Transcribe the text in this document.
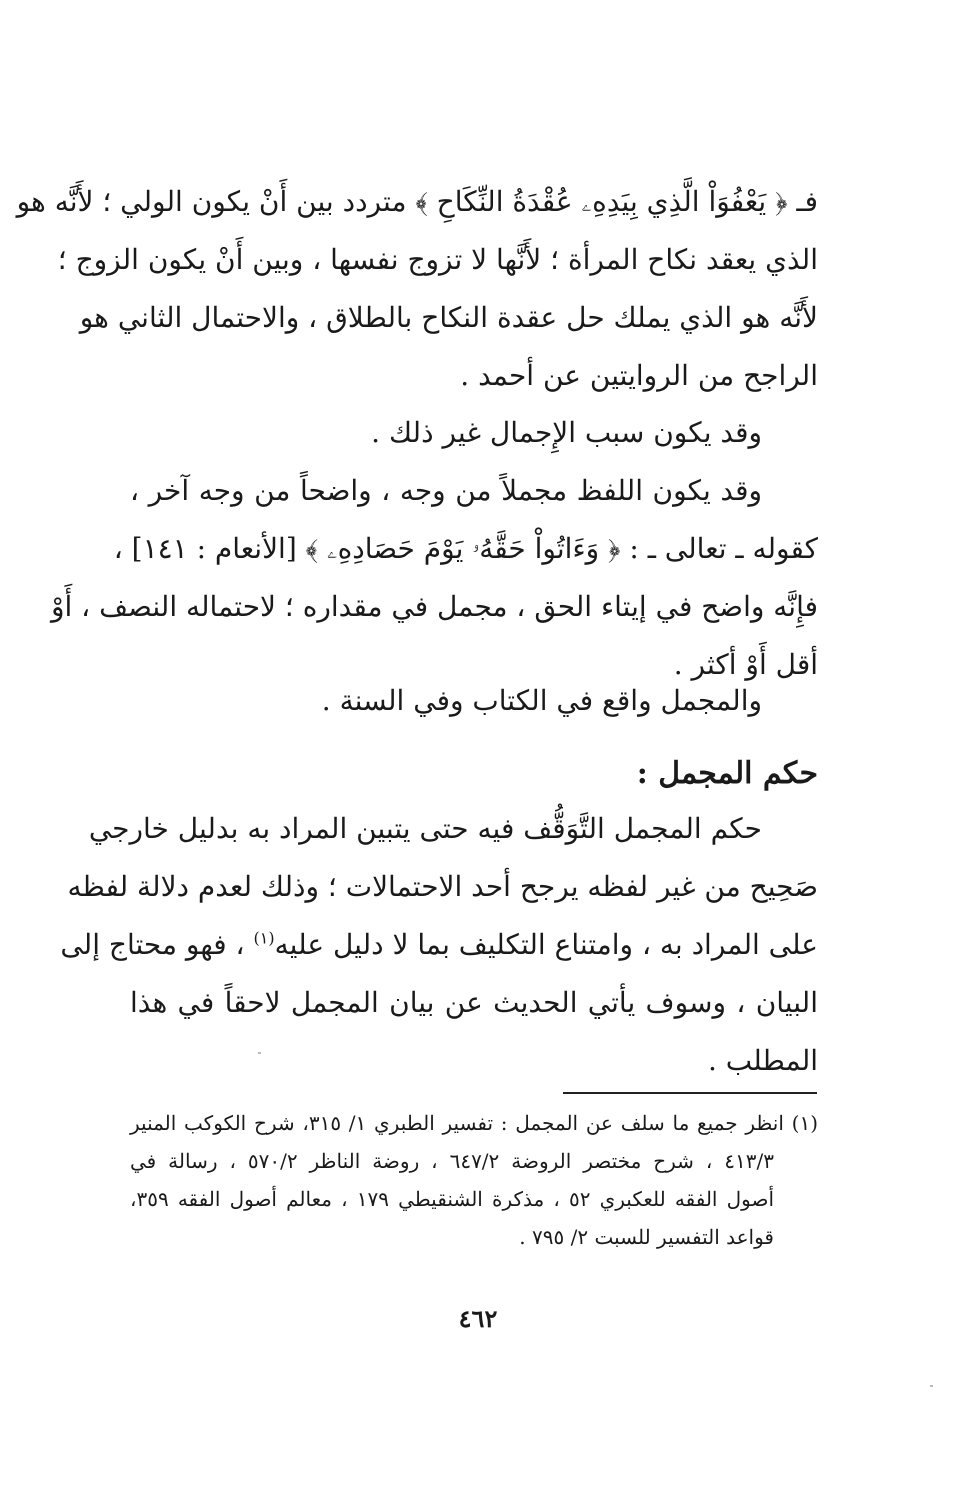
فـ ﴿ يَعْفُوَاْ الَّذِي بِيَدِهِۦ عُقْدَةُ النِّكَاحِ ﴾ متردد بين أَنْ يكون الولي ؛ لأَنَّه هو
الذي يعقد نكاح المرأة ؛ لأَنَّها لا تزوج نفسها ، وبين أَنْ يكون الزوج ؛
لأَنَّه هو الذي يملك حل عقدة النكاح بالطلاق ، والاحتمال الثاني هو
الراجح من الروايتين عن أحمد .
وقد يكون سبب الإِجمال غير ذلك .
وقد يكون اللفظ مجملاً من وجه ، واضحاً من وجه آخر ،
كقوله ـ تعالى ـ : ﴿ وَءَاتُواْ حَقَّهُۥ يَوْمَ حَصَادِهِۦ ﴾ [الأنعام : ١٤١] ،
فإِنَّه واضح في إيتاء الحق ، مجمل في مقداره ؛ لاحتماله النصف ، أَوْ
أقل أَوْ أكثر .
والمجمل واقع في الكتاب وفي السنة .
حكم المجمل :
حكم المجمل التَّوَقُّف فيه حتى يتبين المراد به بدليل خارجي
صَحِيح من غير لفظه يرجح أحد الاحتمالات ؛ وذلك لعدم دلالة لفظه
على المراد به ، وامتناع التكليف بما لا دليل عليه$^{(١)}$ ، فهو محتاج إلى
البيان ، وسوف يأتي الحديث عن بيان المجمل لاحقاً في هذا
المطلب .
(١) انظر جميع ما سلف عن المجمل : تفسير الطبري ١/ ٣١٥، شرح الكوكب المنير
٤١٣/٣ ، شرح مختصر الروضة ٦٤٧/٢ ، روضة الناظر ٥٧٠/٢ ، رسالة في
أصول الفقه للعكبري ٥٢ ، مذكرة الشنقيطي ١٧٩ ، معالم أصول الفقه ٣٥٩،
قواعد التفسير للسبت ٢/ ٧٩٥ .
٤٦٢
